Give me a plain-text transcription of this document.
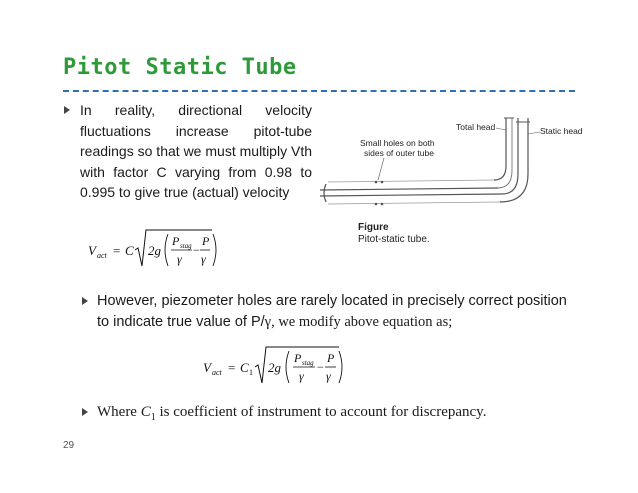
Pitot Static Tube
In reality, directional velocity fluctuations increase pitot-tube readings so that we must multiply Vth with factor C varying from 0.98 to 0.995 to give true (actual) velocity
V act = C 2g
P stag
γ
−
P
γ
Total head	Static head
Small holes on both
sides of outer tube
Figure
Pitot-static tube.
However, piezometer holes are rarely located in precisely correct position to indicate true value of P/γ, we modify above equation as;
V act = C 1 2g
P stag
γ
−
P
γ
Where $C_1$ is coefficient of instrument to account for discrepancy.
29
